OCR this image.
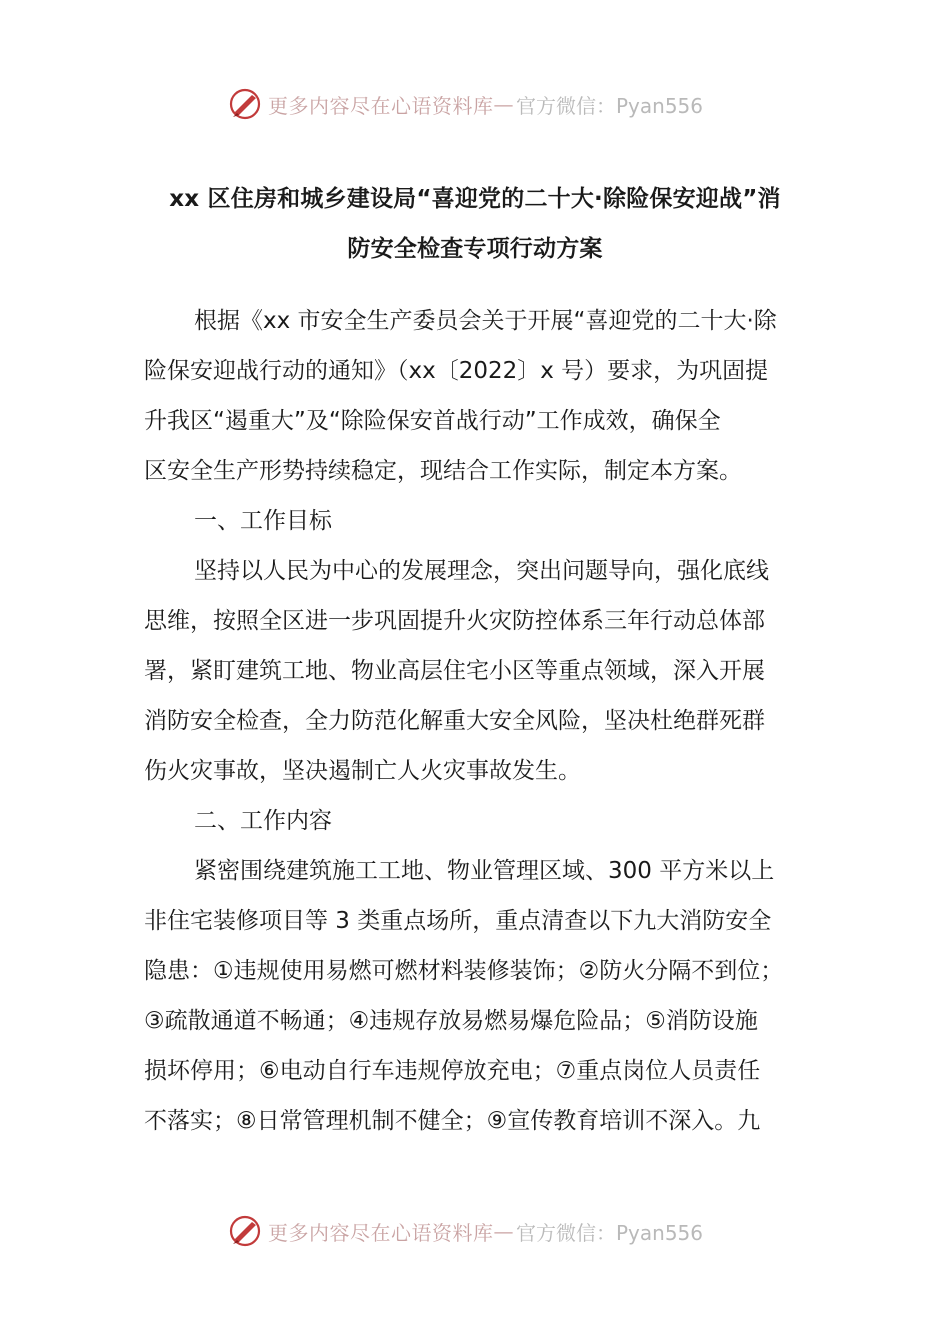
更多内容尽在心语资料库 — 官方微信：Pyan556
xx 区住房和城乡建设局“喜迎党的二十大·除险保安迎战”消
防安全检查专项行动方案
根据《xx 市安全生产委员会关于开展“喜迎党的二十大·除
险保安迎战行动的通知》（xx〔2022〕x 号）要求，为巩固提
升我区“遏重大”及“除险保安首战行动”工作成效，确保全
区安全生产形势持续稳定，现结合工作实际，制定本方案。
一、工作目标
坚持以人民为中心的发展理念，突出问题导向，强化底线
思维，按照全区进一步巩固提升火灾防控体系三年行动总体部
署，紧盯建筑工地、物业高层住宅小区等重点领域，深入开展
消防安全检查，全力防范化解重大安全风险，坚决杜绝群死群
伤火灾事故，坚决遏制亡人火灾事故发生。
二、工作内容
紧密围绕建筑施工工地、物业管理区域、300 平方米以上
非住宅装修项目等 3 类重点场所，重点清查以下九大消防安全
隐患：①违规使用易燃可燃材料装修装饰；②防火分隔不到位；
③疏散通道不畅通；④违规存放易燃易爆危险品；⑤消防设施
损坏停用；⑥电动自行车违规停放充电；⑦重点岗位人员责任
不落实；⑧日常管理机制不健全；⑨宣传教育培训不深入。九
更多内容尽在心语资料库 — 官方微信：Pyan556
